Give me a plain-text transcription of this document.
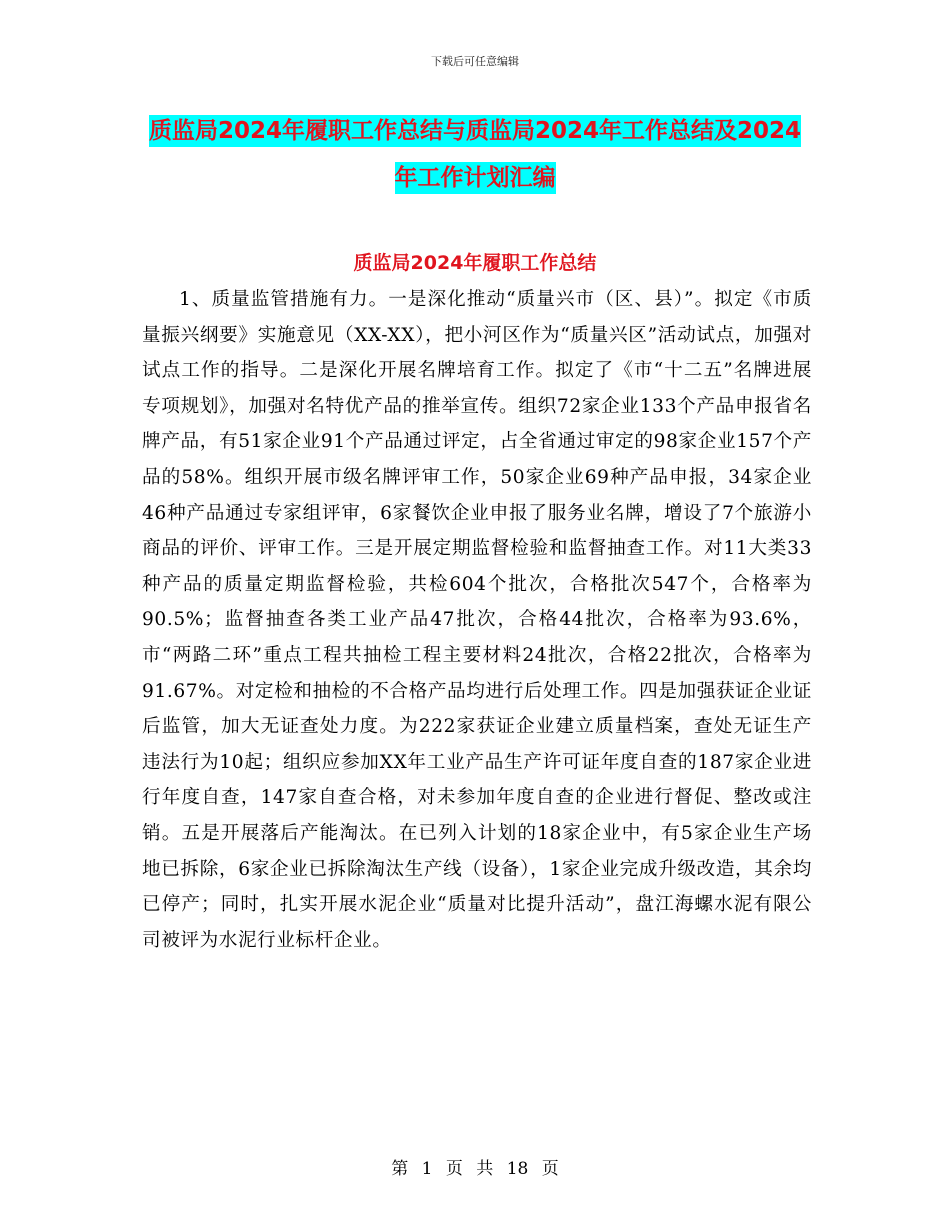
下载后可任意编辑
质监局2024年履职工作总结与质监局2024年工作总结及2024年工作计划汇编
质监局2024年履职工作总结

1、质量监管措施有力。一是深化推动“质量兴市（区、县）”。拟定《市质量振兴纲要》实施意见（XX-XX），把小河区作为“质量兴区”活动试点，加强对试点工作的指导。二是深化开展名牌培育工作。拟定了《市“十二五”名牌进展专项规划》，加强对名特优产品的推举宣传。组织72家企业133个产品申报省名牌产品，有51家企业91个产品通过评定，占全省通过审定的98家企业157个产品的58%。组织开展市级名牌评审工作，50家企业69种产品申报，34家企业46种产品通过专家组评审，6家餐饮企业申报了服务业名牌，增设了7个旅游小商品的评价、评审工作。三是开展定期监督检验和监督抽查工作。对11大类33种产品的质量定期监督检验，共检604个批次，合格批次547个，合格率为90.5%；监督抽查各类工业产品47批次，合格44批次，合格率为93.6%，市“两路二环”重点工程共抽检工程主要材料24批次，合格22批次，合格率为91.67%。对定检和抽检的不合格产品均进行后处理工作。四是加强获证企业证后监管，加大无证查处力度。为222家获证企业建立质量档案，查处无证生产违法行为10起；组织应参加XX年工业产品生产许可证年度自查的187家企业进行年度自查，147家自查合格，对未参加年度自查的企业进行督促、整改或注销。五是开展落后产能淘汰。在已列入计划的18家企业中，有5家企业生产场地已拆除，6家企业已拆除淘汰生产线（设备），1家企业完成升级改造，其余均已停产；同时，扎实开展水泥企业“质量对比提升活动”，盘江海螺水泥有限公司被评为水泥行业标杆企业。

第 1 页 共 18 页
